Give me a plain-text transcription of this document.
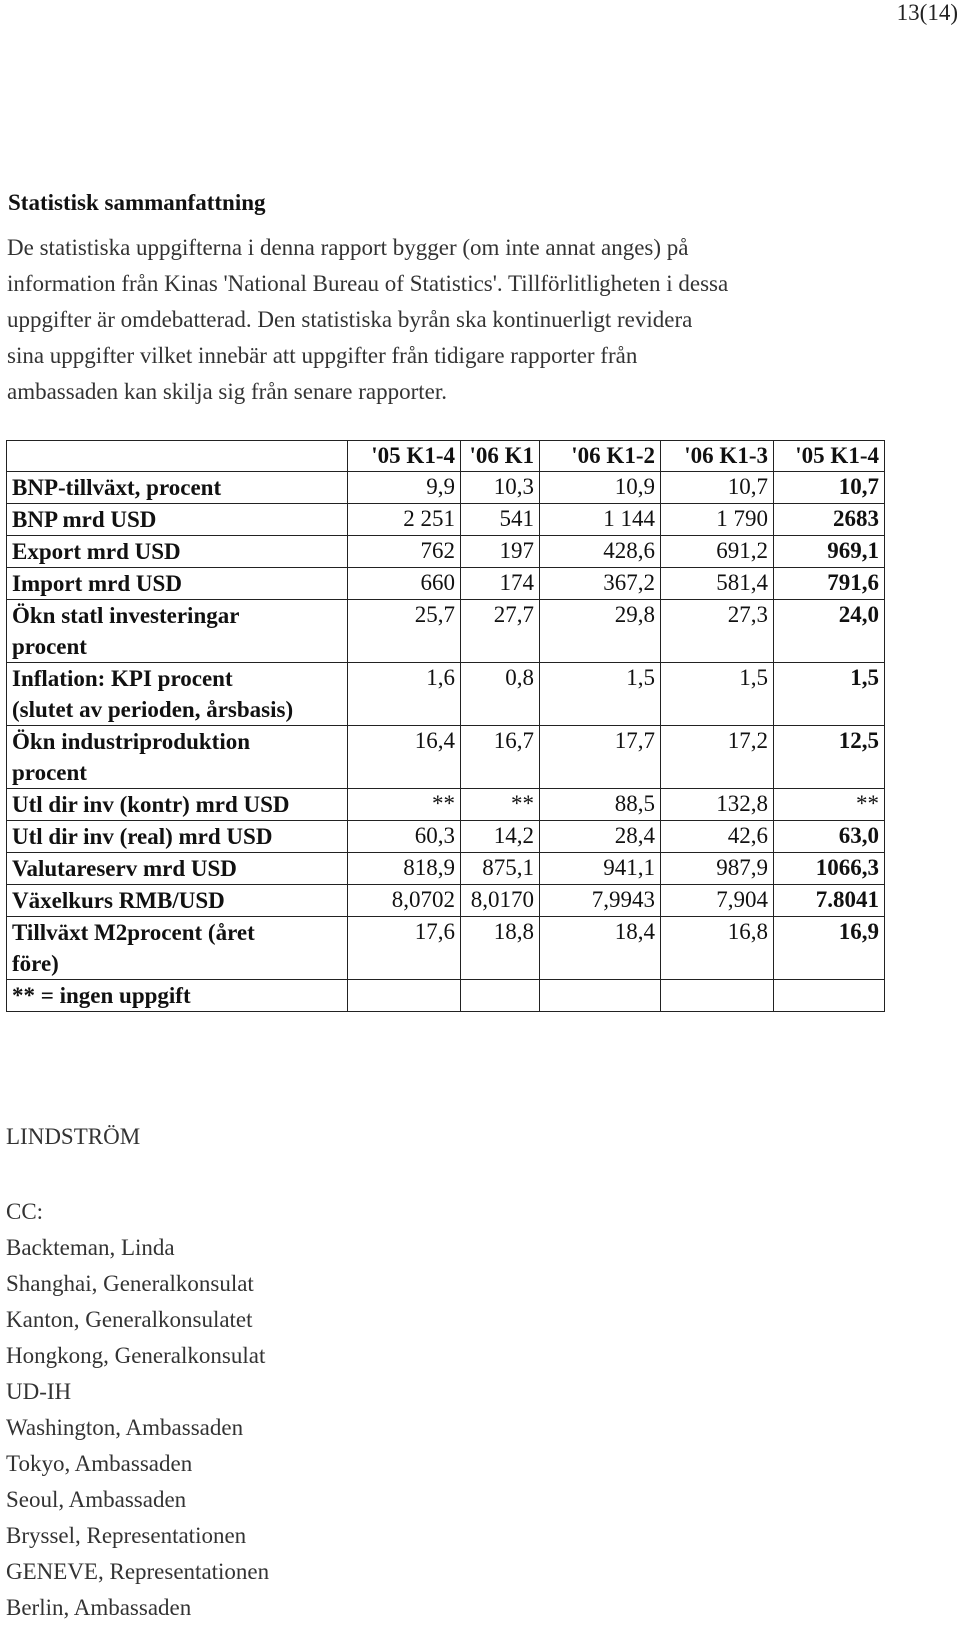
13(14)
Statistisk sammanfattning
De statistiska uppgifterna i denna rapport bygger (om inte annat anges) på
information från Kinas 'National Bureau of Statistics'. Tillförlitligheten i dessa
uppgifter är omdebatterad. Den statistiska byrån ska kontinuerligt revidera
sina uppgifter vilket innebär att uppgifter från tidigare rapporter från
ambassaden kan skilja sig från senare rapporter.
	'05 K1-4	'06 K1	'06 K1-2	'06 K1-3	'05 K1-4
BNP-tillväxt, procent	9,9	10,3	10,9	10,7	10,7
BNP mrd USD	2 251	541	1 144	1 790	2683
Export mrd USD	762	197	428,6	691,2	969,1
Import mrd USD	660	174	367,2	581,4	791,6

Ökn statl investeringar
procent	25,7	27,7	29,8	27,3	24,0

Inflation: KPI procent
(slutet av perioden, årsbasis)	1,6	0,8	1,5	1,5	1,5

Ökn industriproduktion
procent	16,4	16,7	17,7	17,2	12,5
Utl dir inv (kontr) mrd USD	**	**	88,5	132,8	**
Utl dir inv (real) mrd USD	60,3	14,2	28,4	42,6	63,0
Valutareserv mrd USD	818,9	875,1	941,1	987,9	1066,3
Växelkurs RMB/USD	8,0702	8,0170	7,9943	7,904	7.8041

Tillväxt M2procent (året
före)	17,6	18,8	18,4	16,8	16,9
** = ingen uppgift					
LINDSTRÖM
CC:
Backteman, Linda
Shanghai, Generalkonsulat
Kanton, Generalkonsulatet
Hongkong, Generalkonsulat
UD-IH
Washington, Ambassaden
Tokyo, Ambassaden
Seoul, Ambassaden
Bryssel, Representationen
GENEVE, Representationen
Berlin, Ambassaden
